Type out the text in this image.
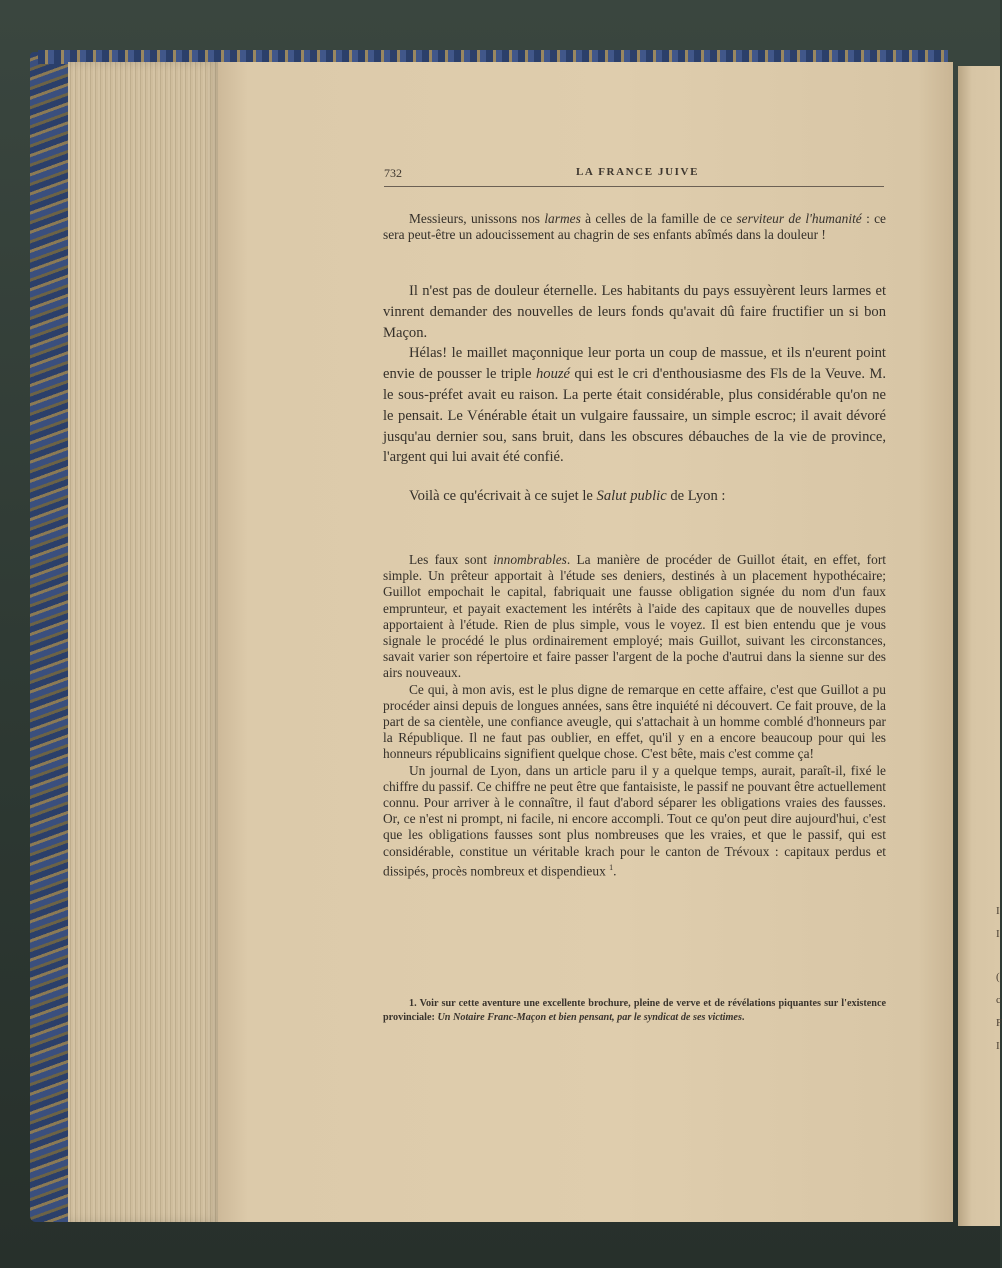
I
I
(
c
F
I
732	LA FRANCE JUIVE

Messieurs, unissons nos larmes à celles de la famille de ce serviteur de l'humanité : ce sera peut-être un adoucissement au chagrin de ses enfants abîmés dans la douleur !

Il n'est pas de douleur éternelle. Les habitants du pays essuyèrent leurs larmes et vinrent demander des nouvelles de leurs fonds qu'avait dû faire fructifier un si bon Maçon.

Hélas! le maillet maçonnique leur porta un coup de massue, et ils n'eurent point envie de pousser le triple houzé qui est le cri d'enthousiasme des Fls de la Veuve. M. le sous-préfet avait eu raison. La perte était considérable, plus considérable qu'on ne le pensait. Le Vénérable était un vulgaire faussaire, un simple escroc; il avait dévoré jusqu'au dernier sou, sans bruit, dans les obscures débauches de la vie de province, l'argent qui lui avait été confié.

Voilà ce qu'écrivait à ce sujet le Salut public de Lyon :

Les faux sont innombrables. La manière de procéder de Guillot était, en effet, fort simple. Un prêteur apportait à l'étude ses deniers, destinés à un placement hypothécaire; Guillot empochait le capital, fabriquait une fausse obligation signée du nom d'un faux emprunteur, et payait exactement les intérêts à l'aide des capitaux que de nouvelles dupes apportaient à l'étude. Rien de plus simple, vous le voyez. Il est bien entendu que je vous signale le procédé le plus ordinairement employé; mais Guillot, suivant les circonstances, savait varier son répertoire et faire passer l'argent de la poche d'autrui dans la sienne sur des airs nouveaux.

Ce qui, à mon avis, est le plus digne de remarque en cette affaire, c'est que Guillot a pu procéder ainsi depuis de longues années, sans être inquiété ni découvert. Ce fait prouve, de la part de sa cientèle, une confiance aveugle, qui s'attachait à un homme comblé d'honneurs par la République. Il ne faut pas oublier, en effet, qu'il y en a encore beaucoup pour qui les honneurs républicains signifient quelque chose. C'est bête, mais c'est comme ça!

Un journal de Lyon, dans un article paru il y a quelque temps, aurait, paraît-il, fixé le chiffre du passif. Ce chiffre ne peut être que fantaisiste, le passif ne pouvant être actuellement connu. Pour arriver à le connaître, il faut d'abord séparer les obligations vraies des fausses. Or, ce n'est ni prompt, ni facile, ni encore accompli. Tout ce qu'on peut dire aujourd'hui, c'est que les obligations fausses sont plus nombreuses que les vraies, et que le passif, qui est considérable, constitue un véritable krach pour le canton de Trévoux : capitaux perdus et dissipés, procès nombreux et dispendieux $^1$.

1. Voir sur cette aventure une excellente brochure, pleine de verve et de révélations piquantes sur l'existence provinciale: Un Notaire Franc-Maçon et bien pensant, par le syndicat de ses victimes.
